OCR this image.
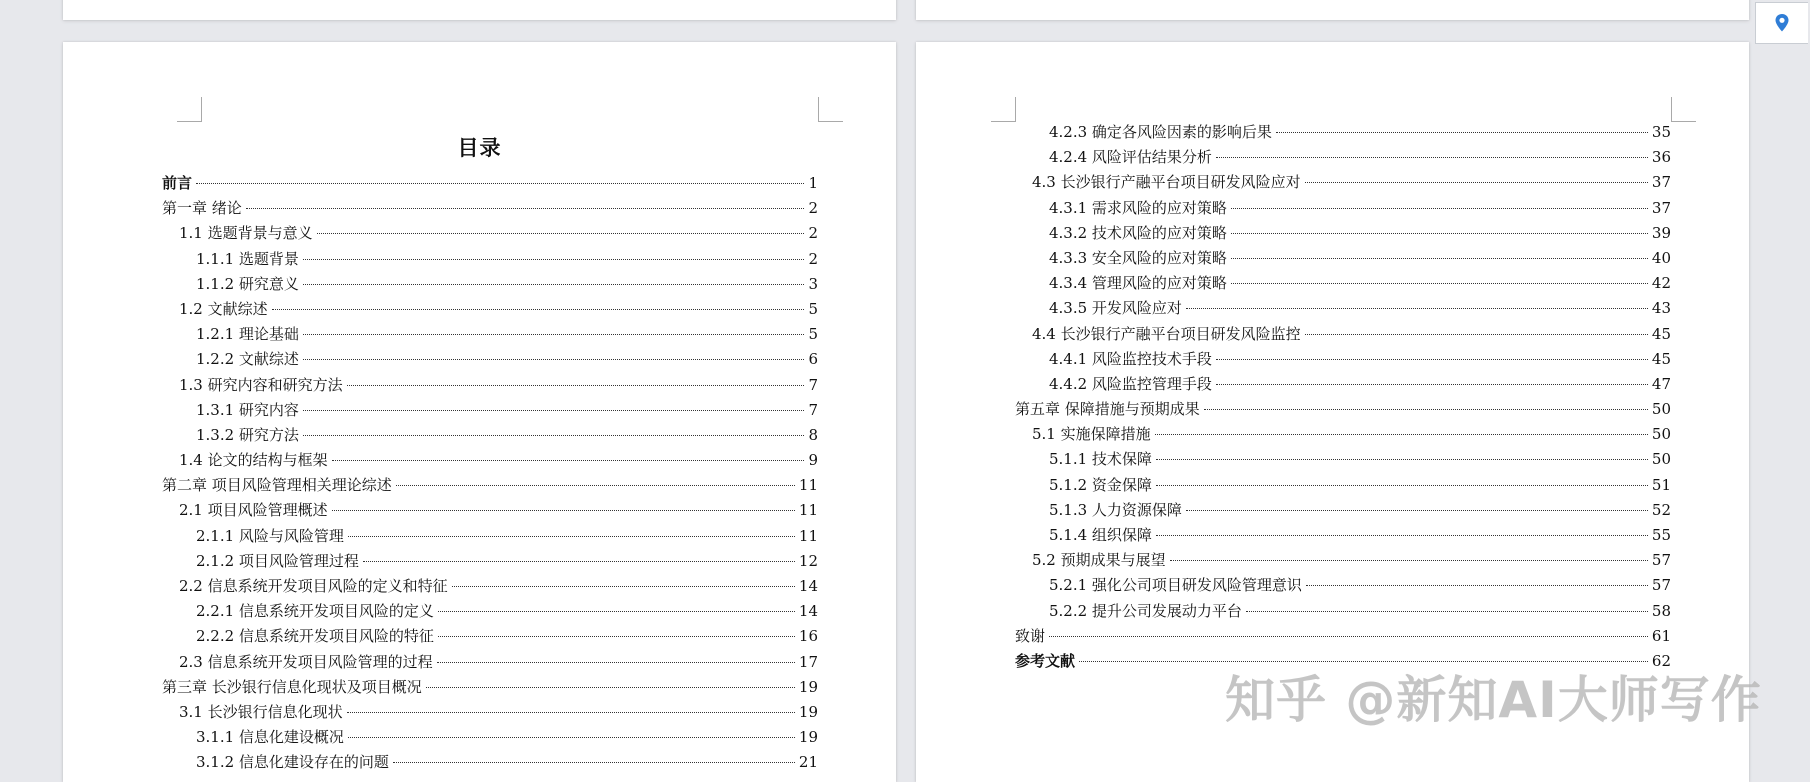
目录
前言	1
第一章 绪论	2
1.1 选题背景与意义	2
1.1.1 选题背景	2
1.1.2 研究意义	3
1.2 文献综述	5
1.2.1 理论基础	5
1.2.2 文献综述	6
1.3 研究内容和研究方法	7
1.3.1 研究内容	7
1.3.2 研究方法	8
1.4 论文的结构与框架	9
第二章 项目风险管理相关理论综述	11
2.1 项目风险管理概述	11
2.1.1 风险与风险管理	11
2.1.2 项目风险管理过程	12
2.2 信息系统开发项目风险的定义和特征	14
2.2.1 信息系统开发项目风险的定义	14
2.2.2 信息系统开发项目风险的特征	16
2.3 信息系统开发项目风险管理的过程	17
第三章 长沙银行信息化现状及项目概况	19
3.1 长沙银行信息化现状	19
3.1.1 信息化建设概况	19
3.1.2 信息化建设存在的问题	21
4.2.3 确定各风险因素的影响后果	35
4.2.4 风险评估结果分析	36
4.3 长沙银行产融平台项目研发风险应对	37
4.3.1 需求风险的应对策略	37
4.3.2 技术风险的应对策略	39
4.3.3 安全风险的应对策略	40
4.3.4 管理风险的应对策略	42
4.3.5 开发风险应对	43
4.4 长沙银行产融平台项目研发风险监控	45
4.4.1 风险监控技术手段	45
4.4.2 风险监控管理手段	47
第五章 保障措施与预期成果	50
5.1 实施保障措施	50
5.1.1 技术保障	50
5.1.2 资金保障	51
5.1.3 人力资源保障	52
5.1.4 组织保障	55
5.2 预期成果与展望	57
5.2.1 强化公司项目研发风险管理意识	57
5.2.2 提升公司发展动力平台	58
致谢	61
参考文献	62
知乎 @新知AI大师写作
